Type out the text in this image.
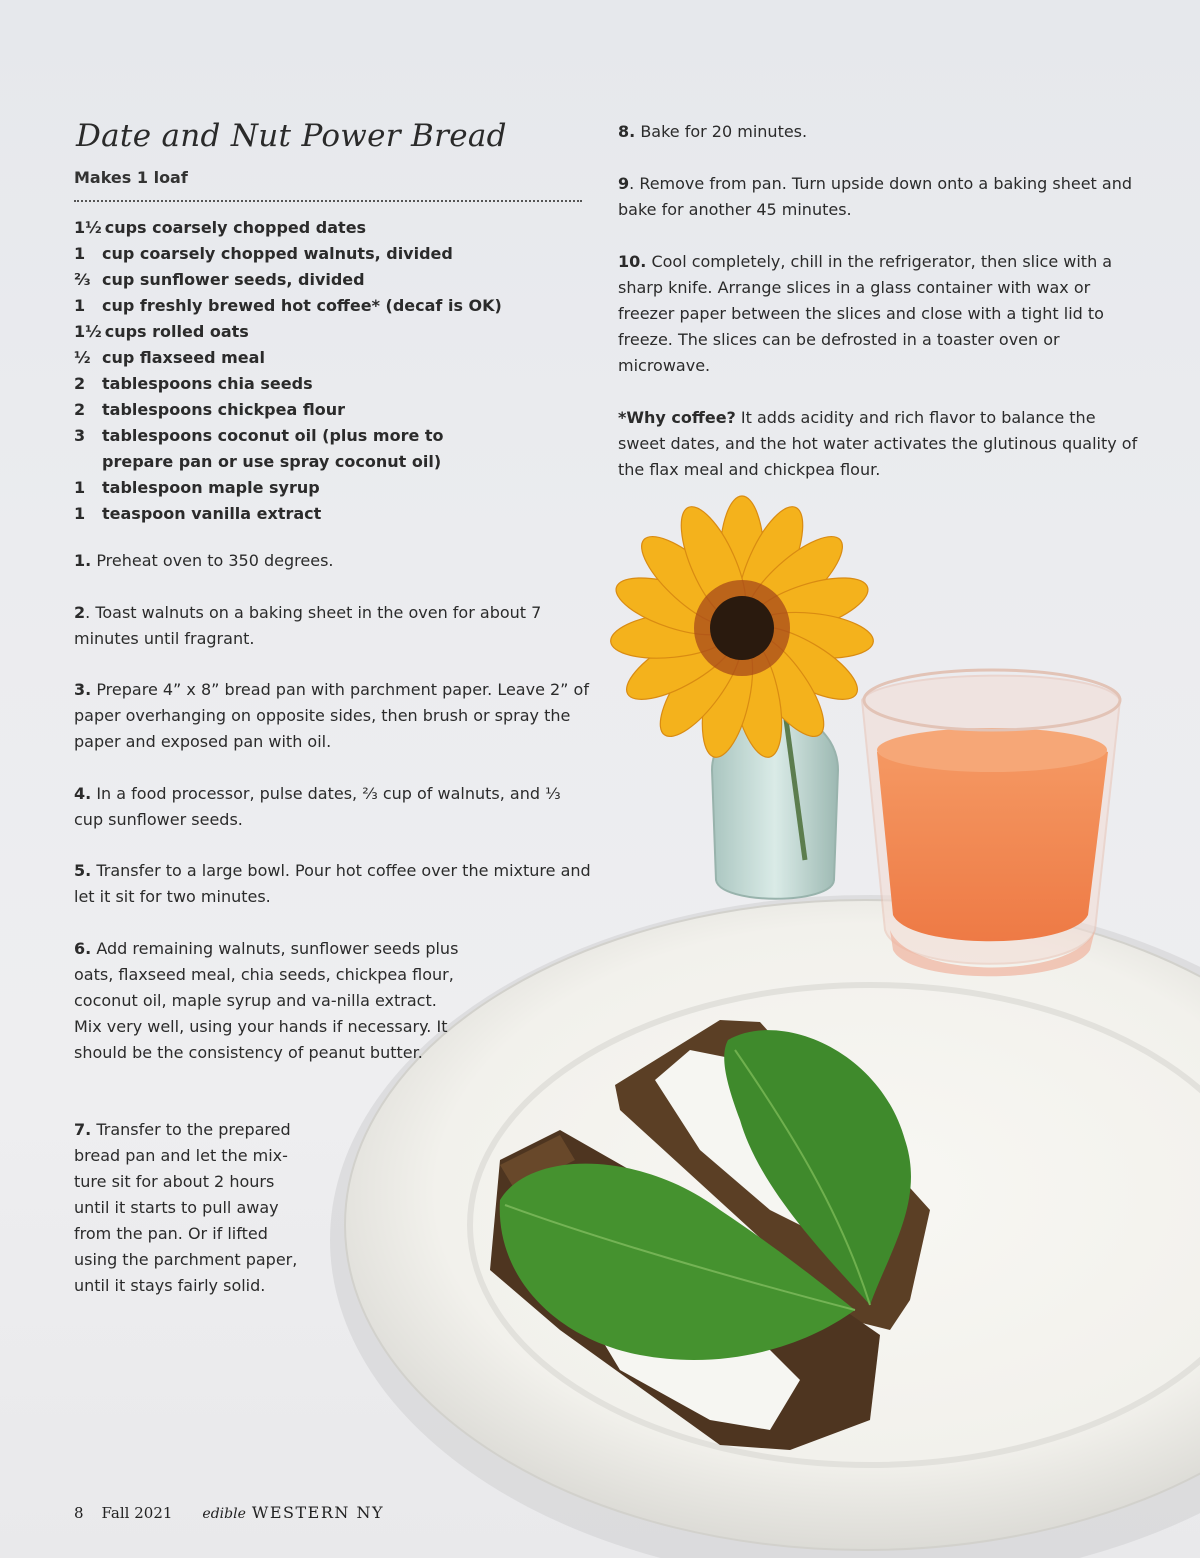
Date and Nut Power Bread
Makes 1 loaf
1½ cups coarsely chopped dates
1	cup coarsely chopped walnuts, divided
²⁄₃ cup sunflower seeds, divided
1	cup freshly brewed hot coffee* (decaf is OK)
1½ cups rolled oats
½ cup flaxseed meal
2	tablespoons chia seeds
2	tablespoons chickpea flour
3	tablespoons coconut oil (plus more to prepare pan or use spray coconut oil)
1	tablespoon maple syrup
1	teaspoon vanilla extract

1. Preheat oven to 350 degrees.

2. Toast walnuts on a baking sheet in the oven for about 7 minutes until fragrant.

3. Prepare 4” x 8” bread pan with parchment paper. Leave 2” of paper overhanging on opposite sides, then brush or spray the paper and exposed pan with oil.

4. In a food processor, pulse dates, ⅔ cup of walnuts, and ⅓ cup sunflower seeds.

5. Transfer to a large bowl. Pour hot coffee over the mixture and let it sit for two minutes.

6. Add remaining walnuts, sunflower seeds plus oats, flaxseed meal, chia seeds, chickpea flour, coconut oil, maple syrup and va-nilla extract. Mix very well, using your hands if necessary. It should be the consistency of peanut butter.

7. Transfer to the prepared bread pan and let the mix-ture sit for about 2 hours until it starts to pull away from the pan. Or if lifted using the parchment paper, until it stays fairly solid.

8. Bake for 20 minutes.

9. Remove from pan. Turn upside down onto a baking sheet and bake for another 45 minutes.

10. Cool completely, chill in the refrigerator, then slice with a sharp knife. Arrange slices in a glass container with wax or freezer paper between the slices and close with a tight lid to freeze. The slices can be defrosted in a toaster oven or microwave.

*Why coffee? It adds acidity and rich flavor to balance the sweet dates, and the hot water activates the glutinous quality of the flax meal and chickpea flour.

8 Fall 2021 edible WESTERN NY
